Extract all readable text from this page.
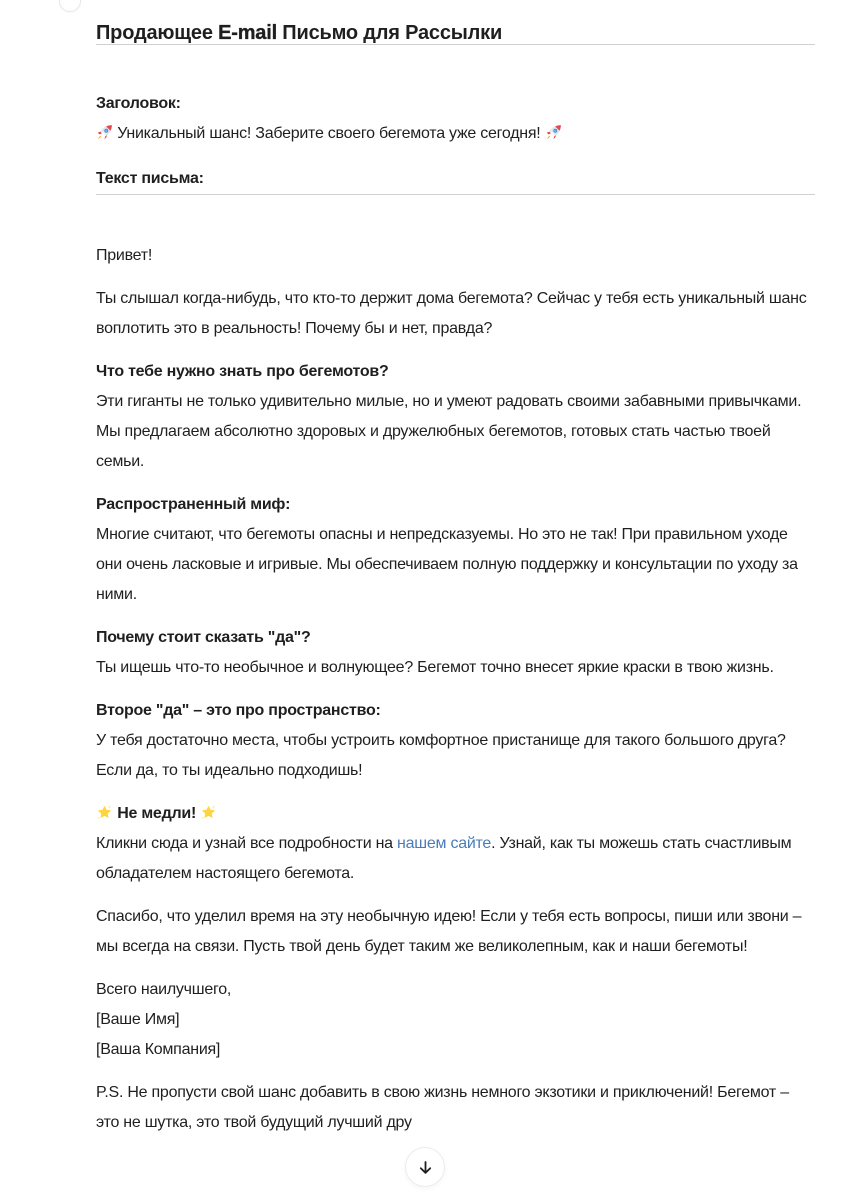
Продающее E-mail Письмо для Рассылки

Заголовок:
Уникальный шанс! Заберите своего бегемота уже сегодня!

Текст письма:

Привет!

Ты слышал когда-нибудь, что кто-то держит дома бегемота? Сейчас у тебя есть уникальный шанс воплотить это в реальность! Почему бы и нет, правда?

Что тебе нужно знать про бегемотов?
Эти гиганты не только удивительно милые, но и умеют радовать своими забавными привычками. Мы предлагаем абсолютно здоровых и дружелюбных бегемотов, готовых стать частью твоей семьи.

Распространенный миф:
Многие считают, что бегемоты опасны и непредсказуемы. Но это не так! При правильном уходе они очень ласковые и игривые. Мы обеспечиваем полную поддержку и консультации по уходу за ними.

Почему стоит сказать "да"?
Ты ищешь что-то необычное и волнующее? Бегемот точно внесет яркие краски в твою жизнь.

Второе "да" – это про пространство:
У тебя достаточно места, чтобы устроить комфортное пристанище для такого большого друга? Если да, то ты идеально подходишь!

Не медли!
Кликни сюда и узнай все подробности на нашем сайте. Узнай, как ты можешь стать счастливым обладателем настоящего бегемота.

Спасибо, что уделил время на эту необычную идею! Если у тебя есть вопросы, пиши или звони – мы всегда на связи. Пусть твой день будет таким же великолепным, как и наши бегемоты!

Всего наилучшего,
[Ваше Имя]
[Ваша Компания]

P.S. Не пропусти свой шанс добавить в свою жизнь немного экзотики и приключений! Бегемот – это не шутка, это твой будущий лучший дру
